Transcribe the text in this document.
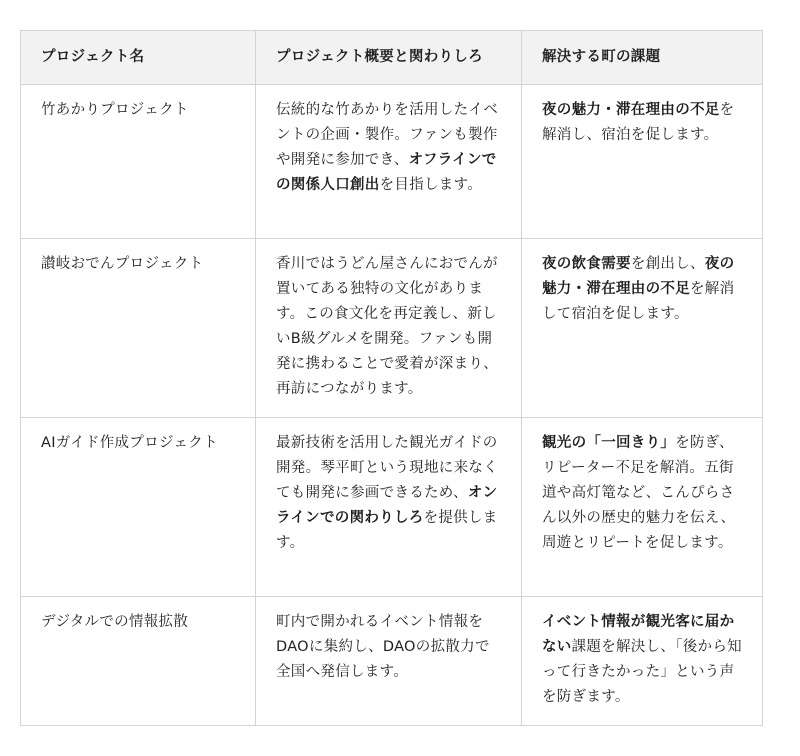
プロジェクト名	プロジェクト概要と関わりしろ	解決する町の課題
竹あかりプロジェクト	伝統的な竹あかりを活用したイベントの企画・製作。ファンも製作や開発に参加でき、オフラインでの関係人口創出を目指します。	夜の魅力・滞在理由の不足を解消し、宿泊を促します。
讃岐おでんプロジェクト	香川ではうどん屋さんにおでんが置いてある独特の文化があります。この食文化を再定義し、新しいB級グルメを開発。ファンも開発に携わることで愛着が深まり、再訪につながります。	夜の飲食需要を創出し、夜の魅力・滞在理由の不足を解消して宿泊を促します。
AIガイド作成プロジェクト	最新技術を活用した観光ガイドの開発。琴平町という現地に来なくても開発に参画できるため、オンラインでの関わりしろを提供します。	観光の「一回きり」を防ぎ、リピーター不足を解消。五街道や高灯篭など、こんぴらさん以外の歴史的魅力を伝え、周遊とリピートを促します。
デジタルでの情報拡散	町内で開かれるイベント情報をDAOに集約し、DAOの拡散力で全国へ発信します。	イベント情報が観光客に届かない課題を解決し、「後から知って行きたかった」という声を防ぎます。
